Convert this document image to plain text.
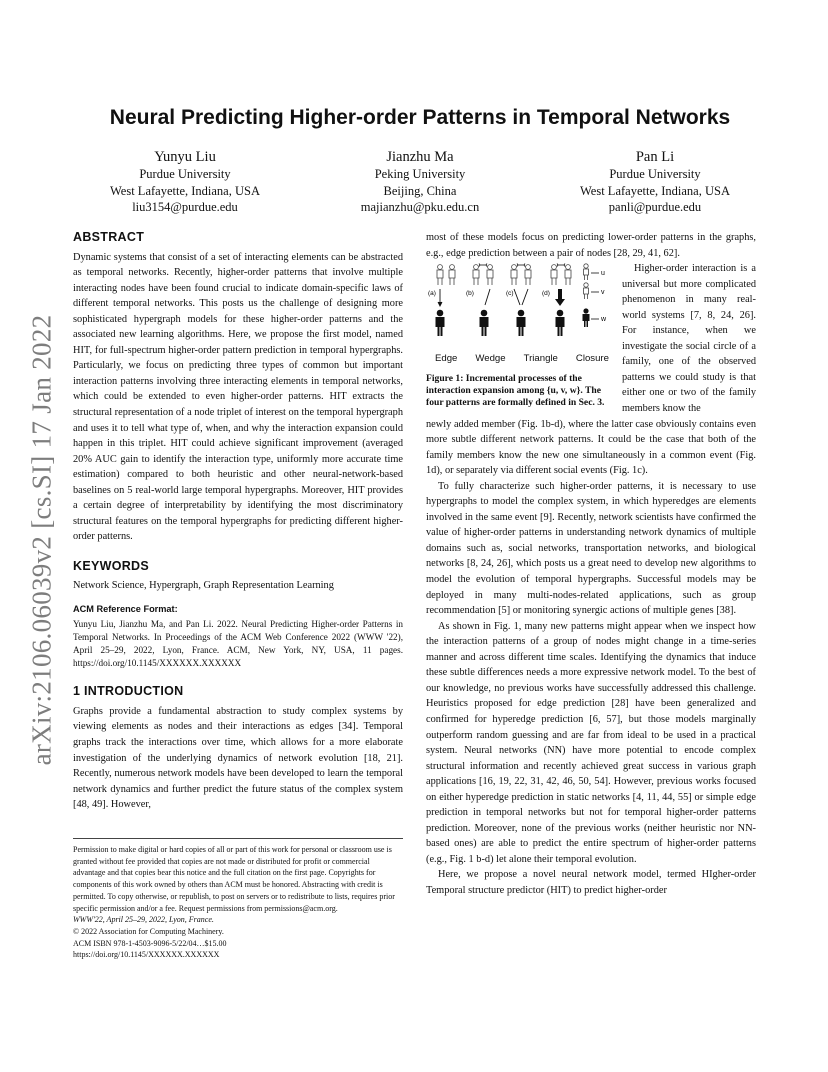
arXiv:2106.06039v2 [cs.SI] 17 Jan 2022
Neural Predicting Higher-order Patterns in Temporal Networks
Yunyu Liu
Purdue University
West Lafayette, Indiana, USA
liu3154@purdue.edu
Jianzhu Ma
Peking University
Beijing, China
majianzhu@pku.edu.cn
Pan Li
Purdue University
West Lafayette, Indiana, USA
panli@purdue.edu
ABSTRACT
Dynamic systems that consist of a set of interacting elements can be abstracted as temporal networks. Recently, higher-order patterns that involve multiple interacting nodes have been found crucial to indicate domain-specific laws of different temporal networks. This posts us the challenge of designing more sophisticated hypergraph models for these higher-order patterns and the associated new learning algorithms. Here, we propose the first model, named HIT, for full-spectrum higher-order pattern prediction in temporal hypergraphs. Particularly, we focus on predicting three types of common but important interaction patterns involving three interacting elements in temporal networks, which could be extended to even higher-order patterns. HIT extracts the structural representation of a node triplet of interest on the temporal hypergraph and uses it to tell what type of, when, and why the interaction expansion could happen in this triplet. HIT could achieve significant improvement (averaged 20% AUC gain to identify the interaction type, uniformly more accurate time estimation) compared to both heuristic and other neural-network-based baselines on 5 real-world large temporal hypergraphs. Moreover, HIT provides a certain degree of interpretability by identifying the most discriminatory structural features on the temporal hypergraphs for predicting different higher-order patterns.
KEYWORDS
Network Science, Hypergraph, Graph Representation Learning
ACM Reference Format:
Yunyu Liu, Jianzhu Ma, and Pan Li. 2022. Neural Predicting Higher-order Patterns in Temporal Networks. In Proceedings of the ACM Web Conference 2022 (WWW '22), April 25–29, 2022, Lyon, France. ACM, New York, NY, USA, 11 pages. https://doi.org/10.1145/XXXXXX.XXXXXX
1 INTRODUCTION
Graphs provide a fundamental abstraction to study complex systems by viewing elements as nodes and their interactions as edges [34]. Temporal graphs track the interactions over time, which allows for a more elaborate investigation of the underlying dynamics of network evolution [18, 21]. Recently, numerous network models have been developed to learn the temporal network dynamics and further predict the future status of the complex system [48, 49]. However,
Permission to make digital or hard copies of all or part of this work for personal or classroom use is granted without fee provided that copies are not made or distributed for profit or commercial advantage and that copies bear this notice and the full citation on the first page. Copyrights for components of this work owned by others than ACM must be honored. Abstracting with credit is permitted. To copy otherwise, or republish, to post on servers or to redistribute to lists, requires prior specific permission and/or a fee. Request permissions from permissions@acm.org.
WWW'22, April 25–29, 2022, Lyon, France.
© 2022 Association for Computing Machinery.
ACM ISBN 978-1-4503-9096-5/22/04…$15.00
https://doi.org/10.1145/XXXXXX.XXXXXX
most of these models focus on predicting lower-order patterns in the graphs, e.g., edge prediction between a pair of nodes [28, 29, 41, 62].
(a)	(b)	(c)	(d)
u
v
w
Edge Wedge Triangle Closure
Figure 1: Incremental processes of the interaction expansion among {u, v, w}. The four patterns are formally defined in Sec. 3.
Higher-order interaction is a universal but more complicated phenomenon in many real-world systems [7, 8, 24, 26]. For instance, when we investigate the social circle of a family, one of the observed patterns we could study is that either one or two of the family members know the
newly added member (Fig. 1b-d), where the latter case obviously contains even more subtle different network patterns. It could be the case that both of the family members know the new one simultaneously in a common event (Fig. 1d), or separately via different social events (Fig. 1c).
To fully characterize such higher-order patterns, it is necessary to use hypergraphs to model the complex system, in which hyperedges are elements involved in the same event [9]. Recently, network scientists have confirmed the value of higher-order patterns in understanding network dynamics of multiple domains such as, social networks, transportation networks, and biological networks [8, 24, 26], which posts us a great need to develop new algorithms to model the evolution of temporal hypergraphs. Successful models may be deployed in many multi-nodes-related applications, such as group recommendation [5] or monitoring synergic actions of multiple genes [38].
As shown in Fig. 1, many new patterns might appear when we inspect how the interaction patterns of a group of nodes might change in a time-series manner and across different time scales. Identifying the dynamics that induce these subtle differences needs a more expressive network model. To the best of our knowledge, no previous works have successfully addressed this challenge. Heuristics proposed for edge prediction [28] have been generalized and confirmed for hyperedge prediction [6, 57], but those models marginally outperform random guessing and are far from ideal to be used in a practical system. Neural networks (NN) have more potential to encode complex structural information and recently achieved great success in various graph applications [16, 19, 22, 31, 42, 46, 50, 54]. However, previous works focused on either hyperedge prediction in static networks [4, 11, 44, 55] or simple edge prediction in temporal networks but not for temporal higher-order patterns prediction. Moreover, none of the previous works (neither heuristic nor NN-based ones) are able to predict the entire spectrum of higher-order patterns (e.g., Fig. 1 b-d) let alone their temporal evolution.
Here, we propose a novel neural network model, termed HIgher-order Temporal structure predictor (HIT) to predict higher-order
